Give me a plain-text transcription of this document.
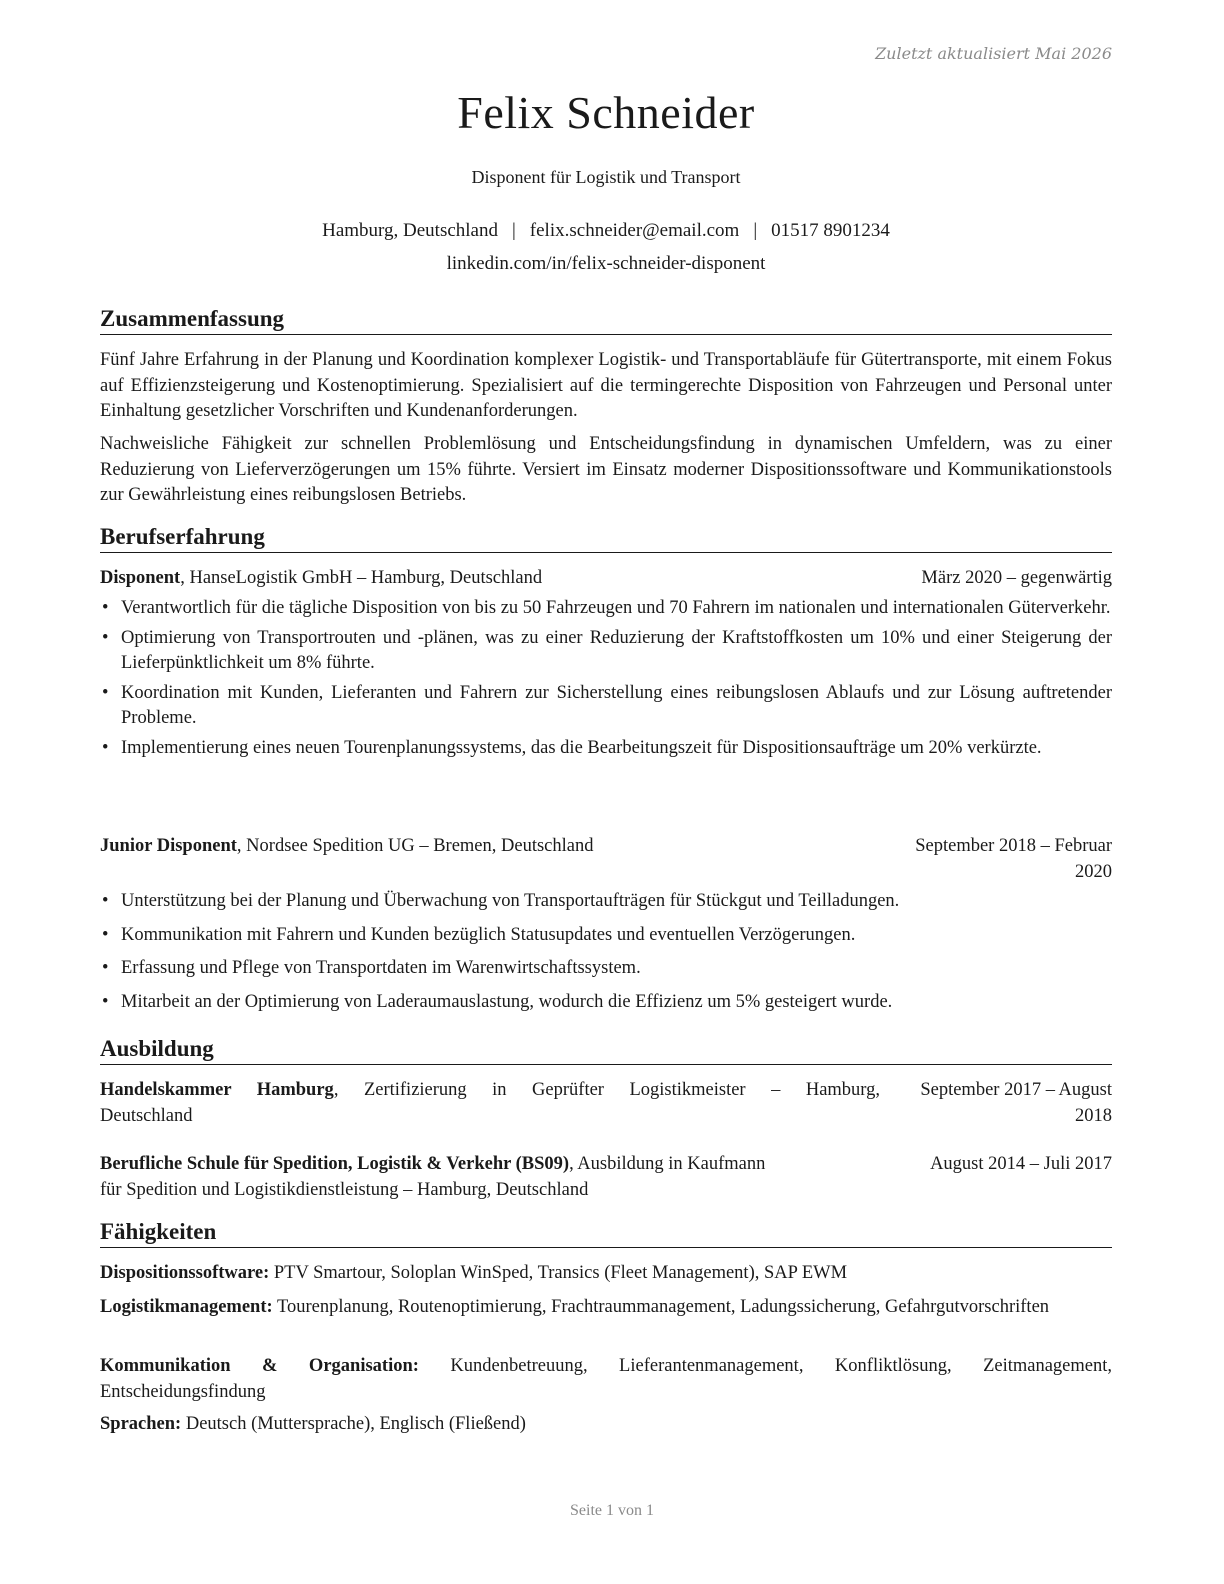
Zuletzt aktualisiert Mai 2026
Felix Schneider
Disponent für Logistik und Transport
Hamburg, Deutschland | felix.schneider@email.com | 01517 8901234
linkedin.com/in/felix-schneider-disponent
Zusammenfassung
Fünf Jahre Erfahrung in der Planung und Koordination komplexer Logistik- und Transportabläufe für Gütertransporte, mit einem Fokus auf Effizienzsteigerung und Kostenoptimierung. Spezialisiert auf die termingerechte Disposition von Fahrzeugen und Personal unter Einhaltung gesetzlicher Vorschriften und Kundenanforderungen.
Nachweisliche Fähigkeit zur schnellen Problemlösung und Entscheidungsfindung in dynamischen Umfeldern, was zu einer Reduzierung von Lieferverzögerungen um 15% führte. Versiert im Einsatz moderner Dispositionssoftware und Kommunikationstools zur Gewährleistung eines reibungslosen Betriebs.
Berufserfahrung
Disponent, HanseLogistik GmbH – Hamburg, Deutschland	März 2020 – gegenwärtig
• Verantwortlich für die tägliche Disposition von bis zu 50 Fahrzeugen und 70 Fahrern im nationalen und internationalen Güterverkehr.
• Optimierung von Transportrouten und -plänen, was zu einer Reduzierung der Kraftstoffkosten um 10% und einer Steigerung der Lieferpünktlichkeit um 8% führte.
• Koordination mit Kunden, Lieferanten und Fahrern zur Sicherstellung eines reibungslosen Ablaufs und zur Lösung auftretender Probleme.
• Implementierung eines neuen Tourenplanungssystems, das die Bearbeitungszeit für Dispositionsaufträge um 20% verkürzte.
Junior Disponent, Nordsee Spedition UG – Bremen, Deutschland	September 2018 – Februar
2020
• Unterstützung bei der Planung und Überwachung von Transportaufträgen für Stückgut und Teilladungen.
• Kommunikation mit Fahrern und Kunden bezüglich Statusupdates und eventuellen Verzögerungen.
• Erfassung und Pflege von Transportdaten im Warenwirtschaftssystem.
• Mitarbeit an der Optimierung von Laderaumauslastung, wodurch die Effizienz um 5% gesteigert wurde.
Ausbildung
Handelskammer Hamburg, Zertifizierung in Geprüfter Logistikmeister – Hamburg,
Deutschland
September 2017 – August
2018
Berufliche Schule für Spedition, Logistik & Verkehr (BS09), Ausbildung in Kaufmann
für Spedition und Logistikdienstleistung – Hamburg, Deutschland
August 2014 – Juli 2017
Fähigkeiten
Dispositionssoftware: PTV Smartour, Soloplan WinSped, Transics (Fleet Management), SAP EWM
Logistikmanagement: Tourenplanung, Routenoptimierung, Frachtraummanagement, Ladungssicherung, Gefahrgutvorschriften
Kommunikation & Organisation: Kundenbetreuung, Lieferantenmanagement, Konfliktlösung, Zeitmanagement, Entscheidungsfindung
Sprachen: Deutsch (Muttersprache), Englisch (Fließend)
Seite 1 von 1
